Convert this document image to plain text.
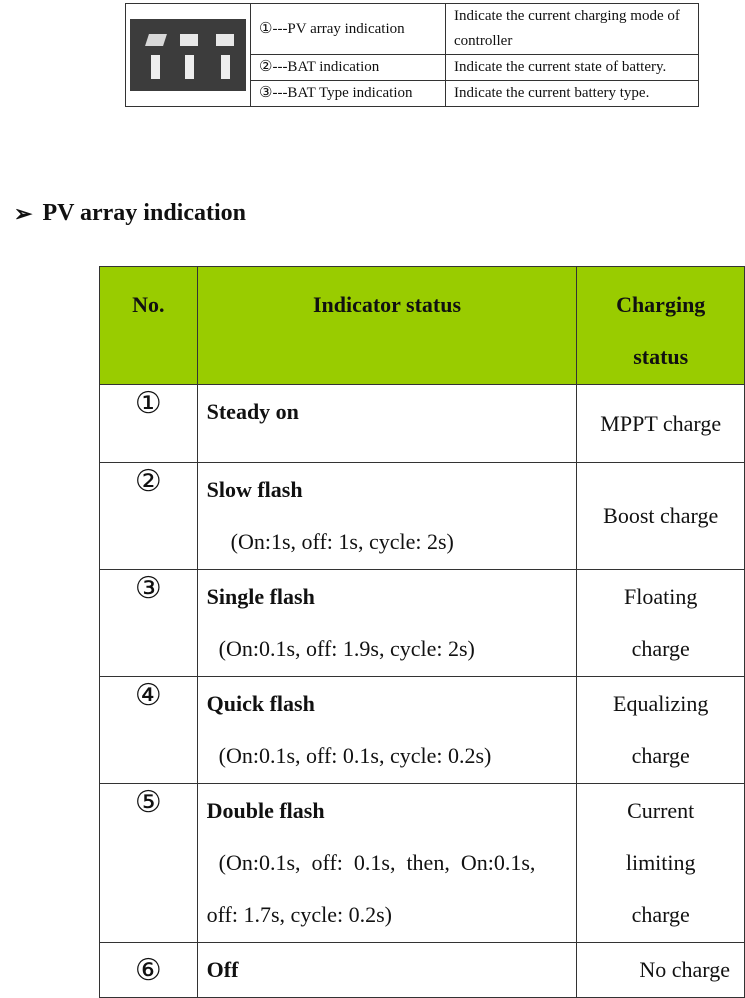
	①---PV array indication	Indicate the current charging mode of controller
	②---BAT indication	Indicate the current state of battery.
	③---BAT Type indication	Indicate the current battery type.
➢ PV array indication
No.	Indicator status	Charging
status

①	Steady on	MPPT charge
②	Slow flash
(On:1s, off: 1s, cycle: 2s)	Boost charge
③	Single flash
(On:0.1s, off: 1.9s, cycle: 2s)	Floating
charge

④	Quick flash
(On:0.1s, off: 0.1s, cycle: 0.2s)	Equalizing
charge

⑤	Double flash
(On:0.1s,  off:  0.1s,  then,  On:0.1s,
off: 1.7s, cycle: 0.2s)	Current
limiting
charge

⑥	Off	No charge
